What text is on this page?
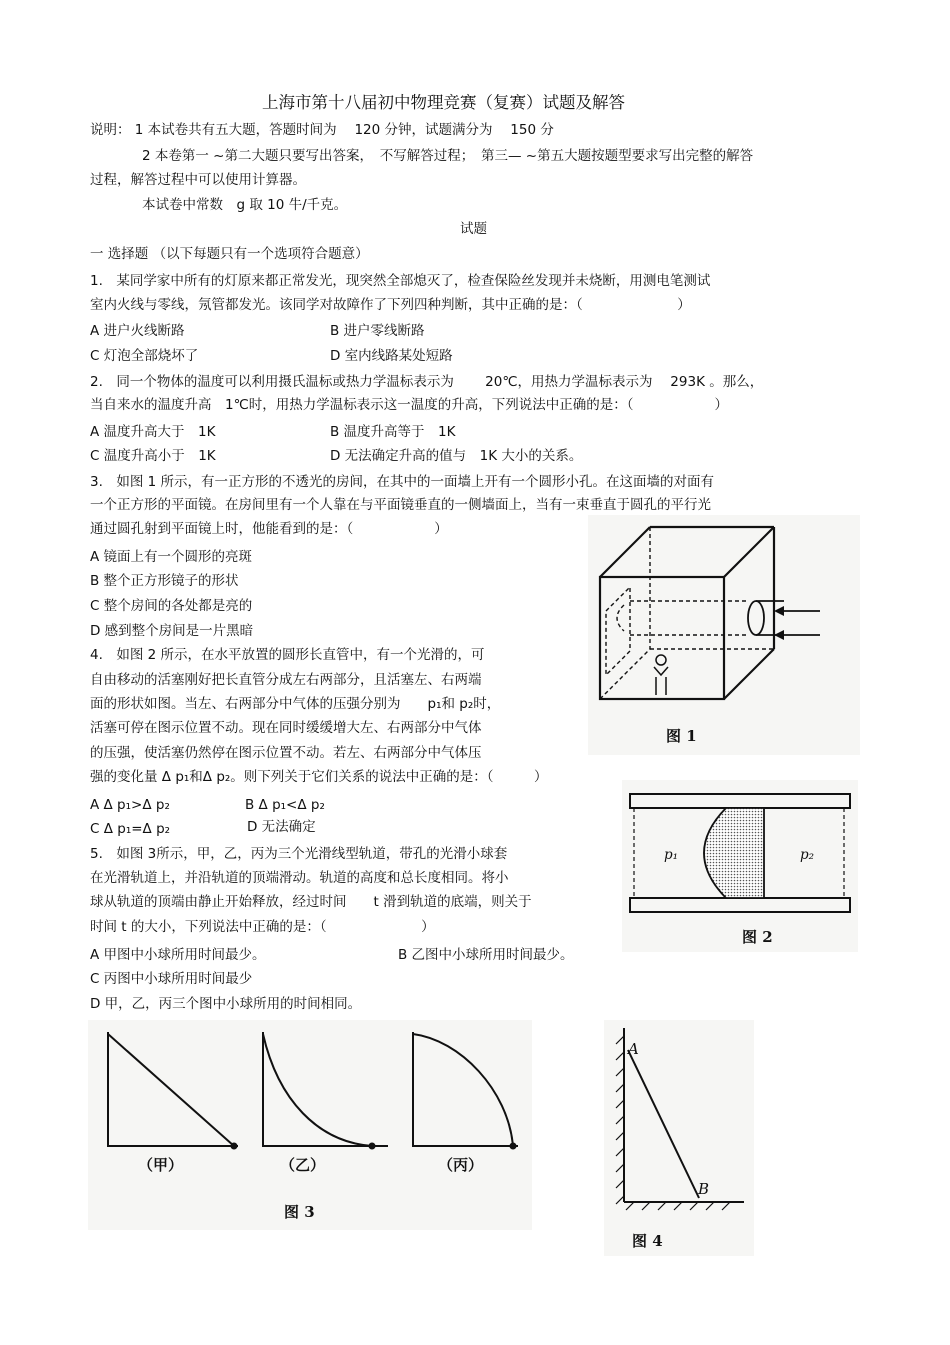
上海市第十八届初中物理竞赛（复赛）试题及解答
说明： 1 本试卷共有五大题，答题时间为　 120 分钟，试题满分为　 150 分
2 本卷第一 ~第二大题只要写出答案，　不写解答过程；　第三— ~第五大题按题型要求写出完整的解答
过程，解答过程中可以使用计算器。
本试卷中常数　g 取 10 牛/千克。
试题
一 选择题 （以下每题只有一个选项符合题意）
1.　某同学家中所有的灯原来都正常发光，现突然全部熄灭了，检查保险丝发现并未烧断，用测电笔测试
室内火线与零线，氖管都发光。该同学对故障作了下列四种判断，其中正确的是：（　　　　　　　）
A 进户火线断路	B 进户零线断路
C 灯泡全部烧坏了	D 室内线路某处短路
2.　同一个物体的温度可以利用摄氏温标或热力学温标表示为　　 20℃，用热力学温标表示为　 293K 。那么，
当自来水的温度升高　1℃时，用热力学温标表示这一温度的升高，下列说法中正确的是：（　　　　　　）
A 温度升高大于　1K	B 温度升高等于　1K
C 温度升高小于　1K	D 无法确定升高的值与　1K 大小的关系。
3.　如图 1 所示，有一正方形的不透光的房间，在其中的一面墙上开有一个圆形小孔。在这面墙的对面有
一个正方形的平面镜。在房间里有一个人靠在与平面镜垂直的一侧墙面上，当有一束垂直于圆孔的平行光
通过圆孔射到平面镜上时，他能看到的是：（　　　　　　）
A 镜面上有一个圆形的亮斑
B 整个正方形镜子的形状
C 整个房间的各处都是亮的
D 感到整个房间是一片黑暗
4.　如图 2 所示，在水平放置的圆形长直管中，有一个光滑的，可
自由移动的活塞刚好把长直管分成左右两部分，且活塞左、右两端
面的形状如图。当左、右两部分中气体的压强分别为　　p₁和 p₂时，
活塞可停在图示位置不动。现在同时缓缓增大左、右两部分中气体
的压强，使活塞仍然停在图示位置不动。若左、右两部分中气体压
强的变化量 Δ p₁和Δ p₂。则下列关于它们关系的说法中正确的是：（　　　）
A Δ p₁>Δ p₂	B Δ p₁<Δ p₂
C Δ p₁=Δ p₂	D 无法确定
5.　如图 3所示，甲，乙，丙为三个光滑线型轨道，带孔的光滑小球套
在光滑轨道上，并沿轨道的顶端滑动。轨道的高度和总长度相同。将小
球从轨道的顶端由静止开始释放，经过时间　　t 滑到轨道的底端，则关于
时间 t 的大小，下列说法中正确的是：（　　　　　　　）
A 甲图中小球所用时间最少。	B 乙图中小球所用时间最少。
C 丙图中小球所用时间最少
D 甲，乙，丙三个图中小球所用的时间相同。
图 1
p₁	p₂
图 2
（甲）	（乙）	（丙）
图 3
A
B
图 4
